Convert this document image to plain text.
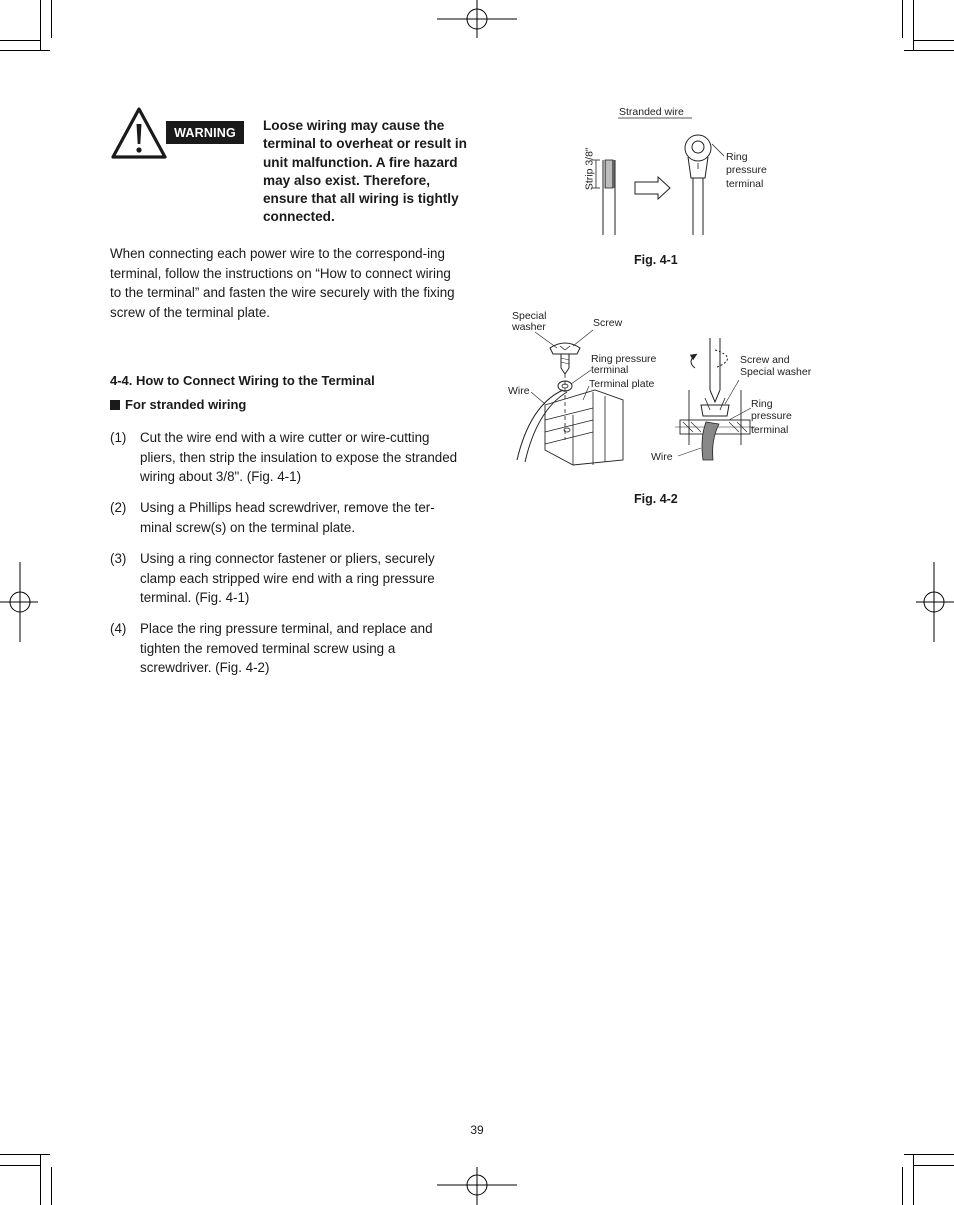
WARNING	Loose wiring may cause the terminal to overheat or result in unit malfunction. A fire hazard may also exist. Therefore, ensure that all wiring is tightly connected.
When connecting each power wire to the correspond-ing terminal, follow the instructions on “How to connect wiring to the terminal” and fasten the wire securely with the fixing screw of the terminal plate.
4-4. How to Connect Wiring to the Terminal
For stranded wiring
(1) Cut the wire end with a wire cutter or wire-cutting pliers, then strip the insulation to expose the stranded wiring about 3/8". (Fig. 4-1)
(2) Using a Phillips head screwdriver, remove the ter-minal screw(s) on the terminal plate.
(3) Using a ring connector fastener or pliers, securely clamp each stripped wire end with a ring pressure terminal. (Fig. 4-1)
(4) Place the ring pressure terminal, and replace and tighten the removed terminal screw using a screwdriver. (Fig. 4-2)
Stranded wire
Strip 3/8"	Ring
pressure
terminal
Fig. 4-1
Special
washer	Screw
Ring pressure
terminal
Terminal plate
Wire
Screw and
Special washer
Ring
pressure
terminal
Wire
Fig. 4-2
39
